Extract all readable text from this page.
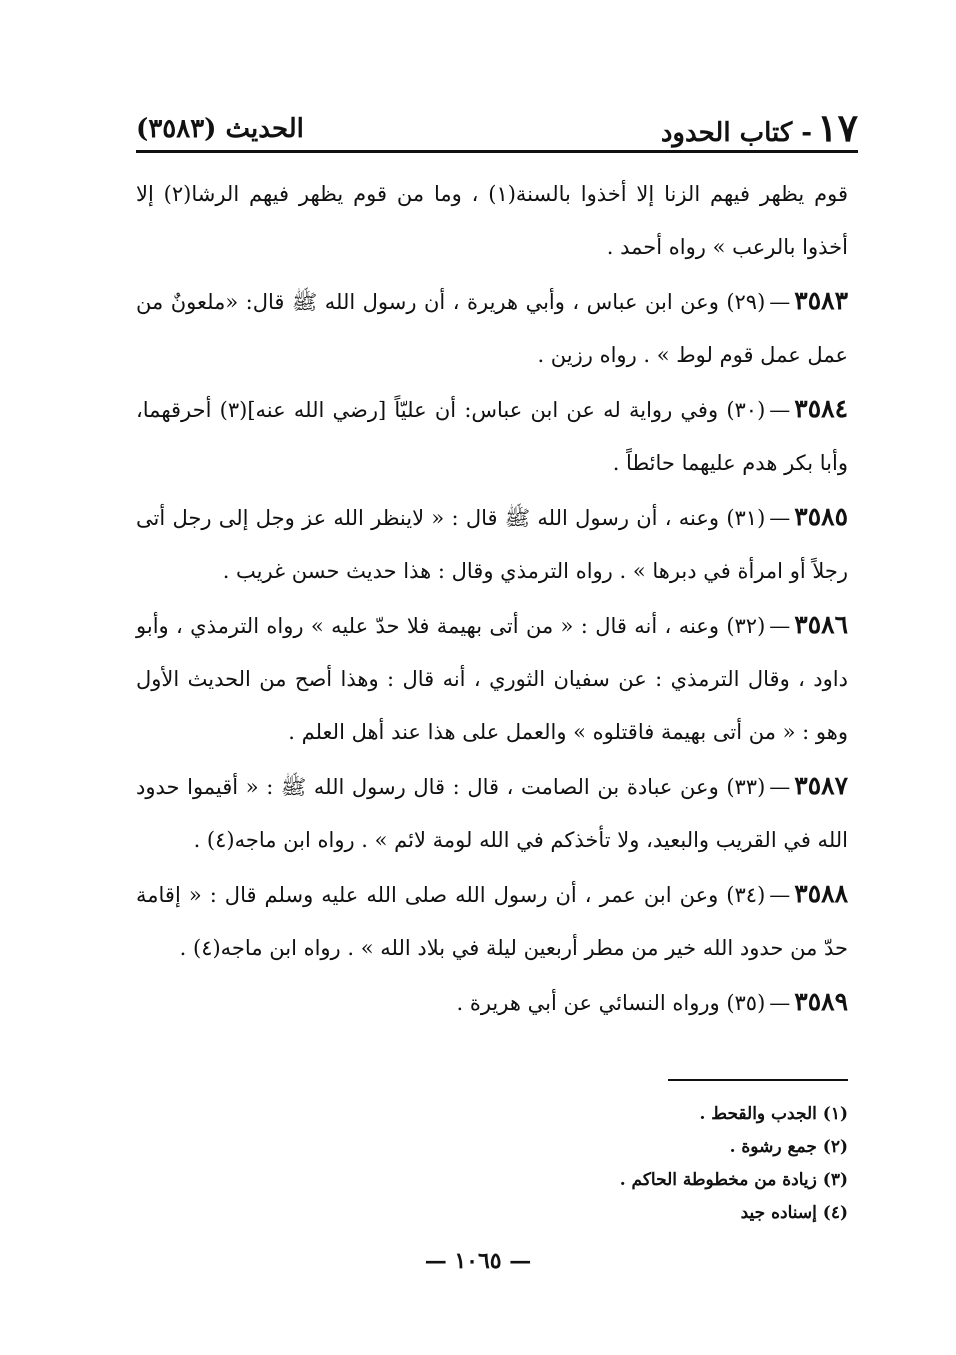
١٧ - كتاب الحدود
الحديث (٣٥٨٣)

قوم يظهر فيهم الزنا إلا أخذوا بالسنة(١) ، وما من قوم يظهر فيهم الرشا(٢) إلا أخذوا بالرعب » رواه أحمد .

٣٥٨٣—(٢٩) وعن ابن عباس ، وأبي هريرة ، أن رسول الله ﷺ قال: «ملعونٌ من عمل عمل قوم لوط » . رواه رزين .

٣٥٨٤—(٣٠) وفي رواية له عن ابن عباس: أن عليّاً [رضي الله عنه](٣) أحرقهما، وأبا بكر هدم عليهما حائطاً .

٣٥٨٥—(٣١) وعنه ، أن رسول الله ﷺ قال : « لاينظر الله عز وجل إلى رجل أتى رجلاً أو امرأة في دبرها » . رواه الترمذي وقال : هذا حديث حسن غريب .

٣٥٨٦—(٣٢) وعنه ، أنه قال : « من أتى بهيمة فلا حدّ عليه » رواه الترمذي ، وأبو داود ، وقال الترمذي : عن سفيان الثوري ، أنه قال : وهذا أصح من الحديث الأول وهو : « من أتى بهيمة فاقتلوه » والعمل على هذا عند أهل العلم .

٣٥٨٧—(٣٣) وعن عبادة بن الصامت ، قال : قال رسول الله ﷺ : « أقيموا حدود الله في القريب والبعيد، ولا تأخذكم في الله لومة لائم » . رواه ابن ماجه(٤) .

٣٥٨٨—(٣٤) وعن ابن عمر ، أن رسول الله صلى الله عليه وسلم قال : « إقامة حدّ من حدود الله خير من مطر أربعين ليلة في بلاد الله » . رواه ابن ماجه(٤) .

٣٥٨٩—(٣٥) ورواه النسائي عن أبي هريرة .

(١) الجدب والقحط .
(٢) جمع رشوة .
(٣) زيادة من مخطوطة الحاكم .
(٤) إسناده جيد
— ١٠٦٥ —
